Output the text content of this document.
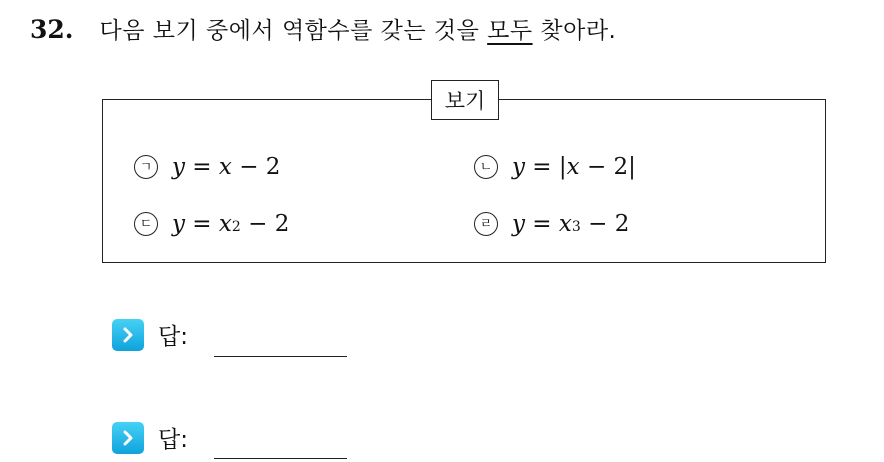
32. 다음 보기 중에서 역함수를 갖는 것을 모두 찾아라.
보기
ㄱ y = x − 2	ㄴ y = | x − 2|
ㄷ y = x 2 − 2	ㄹ y = x 3 − 2
답:
답:
